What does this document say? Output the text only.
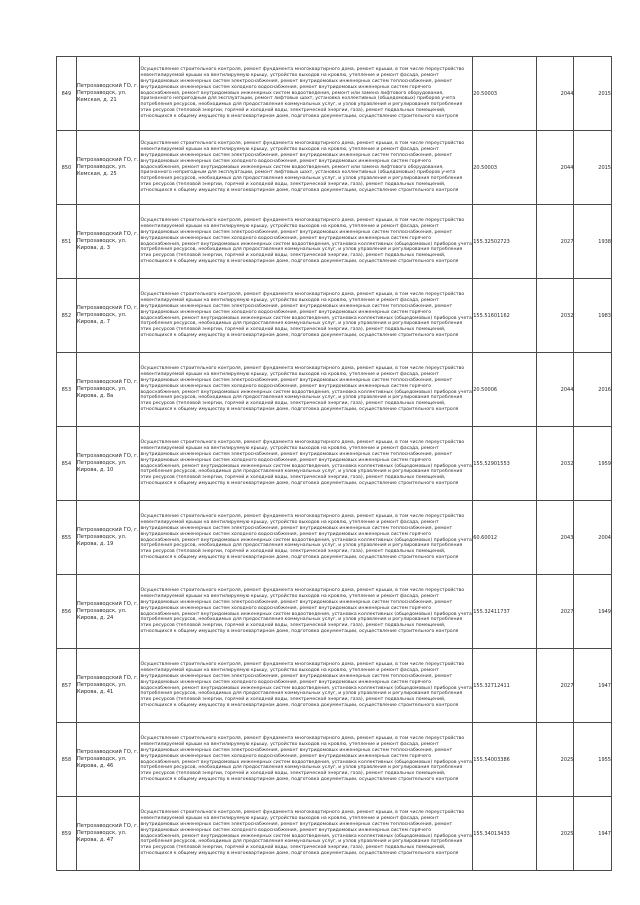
849	Петрозаводский ГО, г. Петрозаводск, ул. Кемская, д. 21	Осуществление строительного контроля, ремонт фундамента многоквартирного дома, ремонт крыши, в том числе переустройство невентилируемой крыши на вентилируемую крышу, устройство выходов на кровлю, утепление и ремонт фасада, ремонт внутридомовых инженерных систем электроснабжения, ремонт внутридомовых инженерных систем теплоснабжения, ремонт внутридомовых инженерных систем холодного водоснабжения, ремонт внутридомовых инженерных систем горячего водоснабжения, ремонт внутридомовых инженерных систем водоотведения, ремонт или замена лифтового оборудования, признанного непригодным для эксплуатации, ремонт лифтовых шахт, установка коллективных (общедомовых) приборов учета потребления ресурсов, необходимых для предоставления коммунальных услуг, и узлов управления и регулирования потребления этих ресурсов (тепловой энергии, горячей и холодной воды, электрической энергии, газа), ремонт подвальных помещений, относящихся к общему имуществу в многоквартирном доме, подготовка документации, осуществление строительного контроля	20.50003	2044	2015
850	Петрозаводский ГО, г. Петрозаводск, ул. Кемская, д. 25	Осуществление строительного контроля, ремонт фундамента многоквартирного дома, ремонт крыши, в том числе переустройство невентилируемой крыши на вентилируемую крышу, устройство выходов на кровлю, утепление и ремонт фасада, ремонт внутридомовых инженерных систем электроснабжения, ремонт внутридомовых инженерных систем теплоснабжения, ремонт внутридомовых инженерных систем холодного водоснабжения, ремонт внутридомовых инженерных систем горячего водоснабжения, ремонт внутридомовых инженерных систем водоотведения, ремонт или замена лифтового оборудования, признанного непригодным для эксплуатации, ремонт лифтовых шахт, установка коллективных (общедомовых) приборов учета потребления ресурсов, необходимых для предоставления коммунальных услуг, и узлов управления и регулирования потребления этих ресурсов (тепловой энергии, горячей и холодной воды, электрической энергии, газа), ремонт подвальных помещений, относящихся к общему имуществу в многоквартирном доме, подготовка документации, осуществление строительного контроля	20.50003	2044	2015
851	Петрозаводский ГО, г. Петрозаводск, ул. Кирова, д. 3	Осуществление строительного контроля, ремонт фундамента многоквартирного дома, ремонт крыши, в том числе переустройство невентилируемой крыши на вентилируемую крышу, устройство выходов на кровлю, утепление и ремонт фасада, ремонт внутридомовых инженерных систем электроснабжения, ремонт внутридомовых инженерных систем теплоснабжения, ремонт внутридомовых инженерных систем холодного водоснабжения, ремонт внутридомовых инженерных систем горячего водоснабжения, ремонт внутридомовых инженерных систем водоотведения, установка коллективных (общедомовых) приборов учета потребления ресурсов, необходимых для предоставления коммунальных услуг, и узлов управления и регулирования потребления этих ресурсов (тепловой энергии, горячей и холодной воды, электрической энергии, газа), ремонт подвальных помещений, относящихся к общему имуществу в многоквартирном доме, подготовка документации, осуществление строительного контроля	155.32502723	2027	1938
852	Петрозаводский ГО, г. Петрозаводск, ул. Кирова, д. 7	Осуществление строительного контроля, ремонт фундамента многоквартирного дома, ремонт крыши, в том числе переустройство невентилируемой крыши на вентилируемую крышу, устройство выходов на кровлю, утепление и ремонт фасада, ремонт внутридомовых инженерных систем электроснабжения, ремонт внутридомовых инженерных систем теплоснабжения, ремонт внутридомовых инженерных систем холодного водоснабжения, ремонт внутридомовых инженерных систем горячего водоснабжения, ремонт внутридомовых инженерных систем водоотведения, установка коллективных (общедомовых) приборов учета потребления ресурсов, необходимых для предоставления коммунальных услуг, и узлов управления и регулирования потребления этих ресурсов (тепловой энергии, горячей и холодной воды, электрической энергии, газа), ремонт подвальных помещений, относящихся к общему имуществу в многоквартирном доме, подготовка документации, осуществление строительного контроля	155.51601162	2032	1983
853	Петрозаводский ГО, г. Петрозаводск, ул. Кирова, д. 8а	Осуществление строительного контроля, ремонт фундамента многоквартирного дома, ремонт крыши, в том числе переустройство невентилируемой крыши на вентилируемую крышу, устройство выходов на кровлю, утепление и ремонт фасада, ремонт внутридомовых инженерных систем электроснабжения, ремонт внутридомовых инженерных систем теплоснабжения, ремонт внутридомовых инженерных систем холодного водоснабжения, ремонт внутридомовых инженерных систем горячего водоснабжения, ремонт внутридомовых инженерных систем водоотведения, установка коллективных (общедомовых) приборов учета потребления ресурсов, необходимых для предоставления коммунальных услуг, и узлов управления и регулирования потребления этих ресурсов (тепловой энергии, горячей и холодной воды, электрической энергии, газа), ремонт подвальных помещений, относящихся к общему имуществу в многоквартирном доме, подготовка документации, осуществление строительного контроля	20.50006	2044	2016
854	Петрозаводский ГО, г. Петрозаводск, ул. Кирова, д. 10	Осуществление строительного контроля, ремонт фундамента многоквартирного дома, ремонт крыши, в том числе переустройство невентилируемой крыши на вентилируемую крышу, устройство выходов на кровлю, утепление и ремонт фасада, ремонт внутридомовых инженерных систем электроснабжения, ремонт внутридомовых инженерных систем теплоснабжения, ремонт внутридомовых инженерных систем холодного водоснабжения, ремонт внутридомовых инженерных систем горячего водоснабжения, ремонт внутридомовых инженерных систем водоотведения, установка коллективных (общедомовых) приборов учета потребления ресурсов, необходимых для предоставления коммунальных услуг, и узлов управления и регулирования потребления этих ресурсов (тепловой энергии, горячей и холодной воды, электрической энергии, газа), ремонт подвальных помещений, относящихся к общему имуществу в многоквартирном доме, подготовка документации, осуществление строительного контроля	155.52901553	2032	1959
855	Петрозаводский ГО, г. Петрозаводск, ул. Кирова, д. 19	Осуществление строительного контроля, ремонт фундамента многоквартирного дома, ремонт крыши, в том числе переустройство невентилируемой крыши на вентилируемую крышу, устройство выходов на кровлю, утепление и ремонт фасада, ремонт внутридомовых инженерных систем электроснабжения, ремонт внутридомовых инженерных систем теплоснабжения, ремонт внутридомовых инженерных систем холодного водоснабжения, ремонт внутридомовых инженерных систем горячего водоснабжения, ремонт внутридомовых инженерных систем водоотведения, установка коллективных (общедомовых) приборов учета потребления ресурсов, необходимых для предоставления коммунальных услуг, и узлов управления и регулирования потребления этих ресурсов (тепловой энергии, горячей и холодной воды, электрической энергии, газа), ремонт подвальных помещений, относящихся к общему имуществу в многоквартирном доме, подготовка документации, осуществление строительного контроля	60.60012	2043	2004
856	Петрозаводский ГО, г. Петрозаводск, ул. Кирова, д. 24	Осуществление строительного контроля, ремонт фундамента многоквартирного дома, ремонт крыши, в том числе переустройство невентилируемой крыши на вентилируемую крышу, устройство выходов на кровлю, утепление и ремонт фасада, ремонт внутридомовых инженерных систем электроснабжения, ремонт внутридомовых инженерных систем теплоснабжения, ремонт внутридомовых инженерных систем холодного водоснабжения, ремонт внутридомовых инженерных систем горячего водоснабжения, ремонт внутридомовых инженерных систем водоотведения, установка коллективных (общедомовых) приборов учета потребления ресурсов, необходимых для предоставления коммунальных услуг, и узлов управления и регулирования потребления этих ресурсов (тепловой энергии, горячей и холодной воды, электрической энергии, газа), ремонт подвальных помещений, относящихся к общему имуществу в многоквартирном доме, подготовка документации, осуществление строительного контроля	155.32411737	2027	1949
857	Петрозаводский ГО, г. Петрозаводск, ул. Кирова, д. 41	Осуществление строительного контроля, ремонт фундамента многоквартирного дома, ремонт крыши, в том числе переустройство невентилируемой крыши на вентилируемую крышу, устройство выходов на кровлю, утепление и ремонт фасада, ремонт внутридомовых инженерных систем электроснабжения, ремонт внутридомовых инженерных систем теплоснабжения, ремонт внутридомовых инженерных систем холодного водоснабжения, ремонт внутридомовых инженерных систем горячего водоснабжения, ремонт внутридомовых инженерных систем водоотведения, установка коллективных (общедомовых) приборов учета потребления ресурсов, необходимых для предоставления коммунальных услуг, и узлов управления и регулирования потребления этих ресурсов (тепловой энергии, горячей и холодной воды, электрической энергии, газа), ремонт подвальных помещений, относящихся к общему имуществу в многоквартирном доме, подготовка документации, осуществление строительного контроля	155.32712411	2027	1947
858	Петрозаводский ГО, г. Петрозаводск, ул. Кирова, д. 46	Осуществление строительного контроля, ремонт фундамента многоквартирного дома, ремонт крыши, в том числе переустройство невентилируемой крыши на вентилируемую крышу, устройство выходов на кровлю, утепление и ремонт фасада, ремонт внутридомовых инженерных систем электроснабжения, ремонт внутридомовых инженерных систем теплоснабжения, ремонт внутридомовых инженерных систем холодного водоснабжения, ремонт внутридомовых инженерных систем горячего водоснабжения, ремонт внутридомовых инженерных систем водоотведения, установка коллективных (общедомовых) приборов учета потребления ресурсов, необходимых для предоставления коммунальных услуг, и узлов управления и регулирования потребления этих ресурсов (тепловой энергии, горячей и холодной воды, электрической энергии, газа), ремонт подвальных помещений, относящихся к общему имуществу в многоквартирном доме, подготовка документации, осуществление строительного контроля	155.54003386	2025	1955
859	Петрозаводский ГО, г. Петрозаводск, ул. Кирова, д. 47	Осуществление строительного контроля, ремонт фундамента многоквартирного дома, ремонт крыши, в том числе переустройство невентилируемой крыши на вентилируемую крышу, устройство выходов на кровлю, утепление и ремонт фасада, ремонт внутридомовых инженерных систем электроснабжения, ремонт внутридомовых инженерных систем теплоснабжения, ремонт внутридомовых инженерных систем холодного водоснабжения, ремонт внутридомовых инженерных систем горячего водоснабжения, ремонт внутридомовых инженерных систем водоотведения, установка коллективных (общедомовых) приборов учета потребления ресурсов, необходимых для предоставления коммунальных услуг, и узлов управления и регулирования потребления этих ресурсов (тепловой энергии, горячей и холодной воды, электрической энергии, газа), ремонт подвальных помещений, относящихся к общему имуществу в многоквартирном доме, подготовка документации, осуществление строительного контроля	155.34013433	2025	1947
